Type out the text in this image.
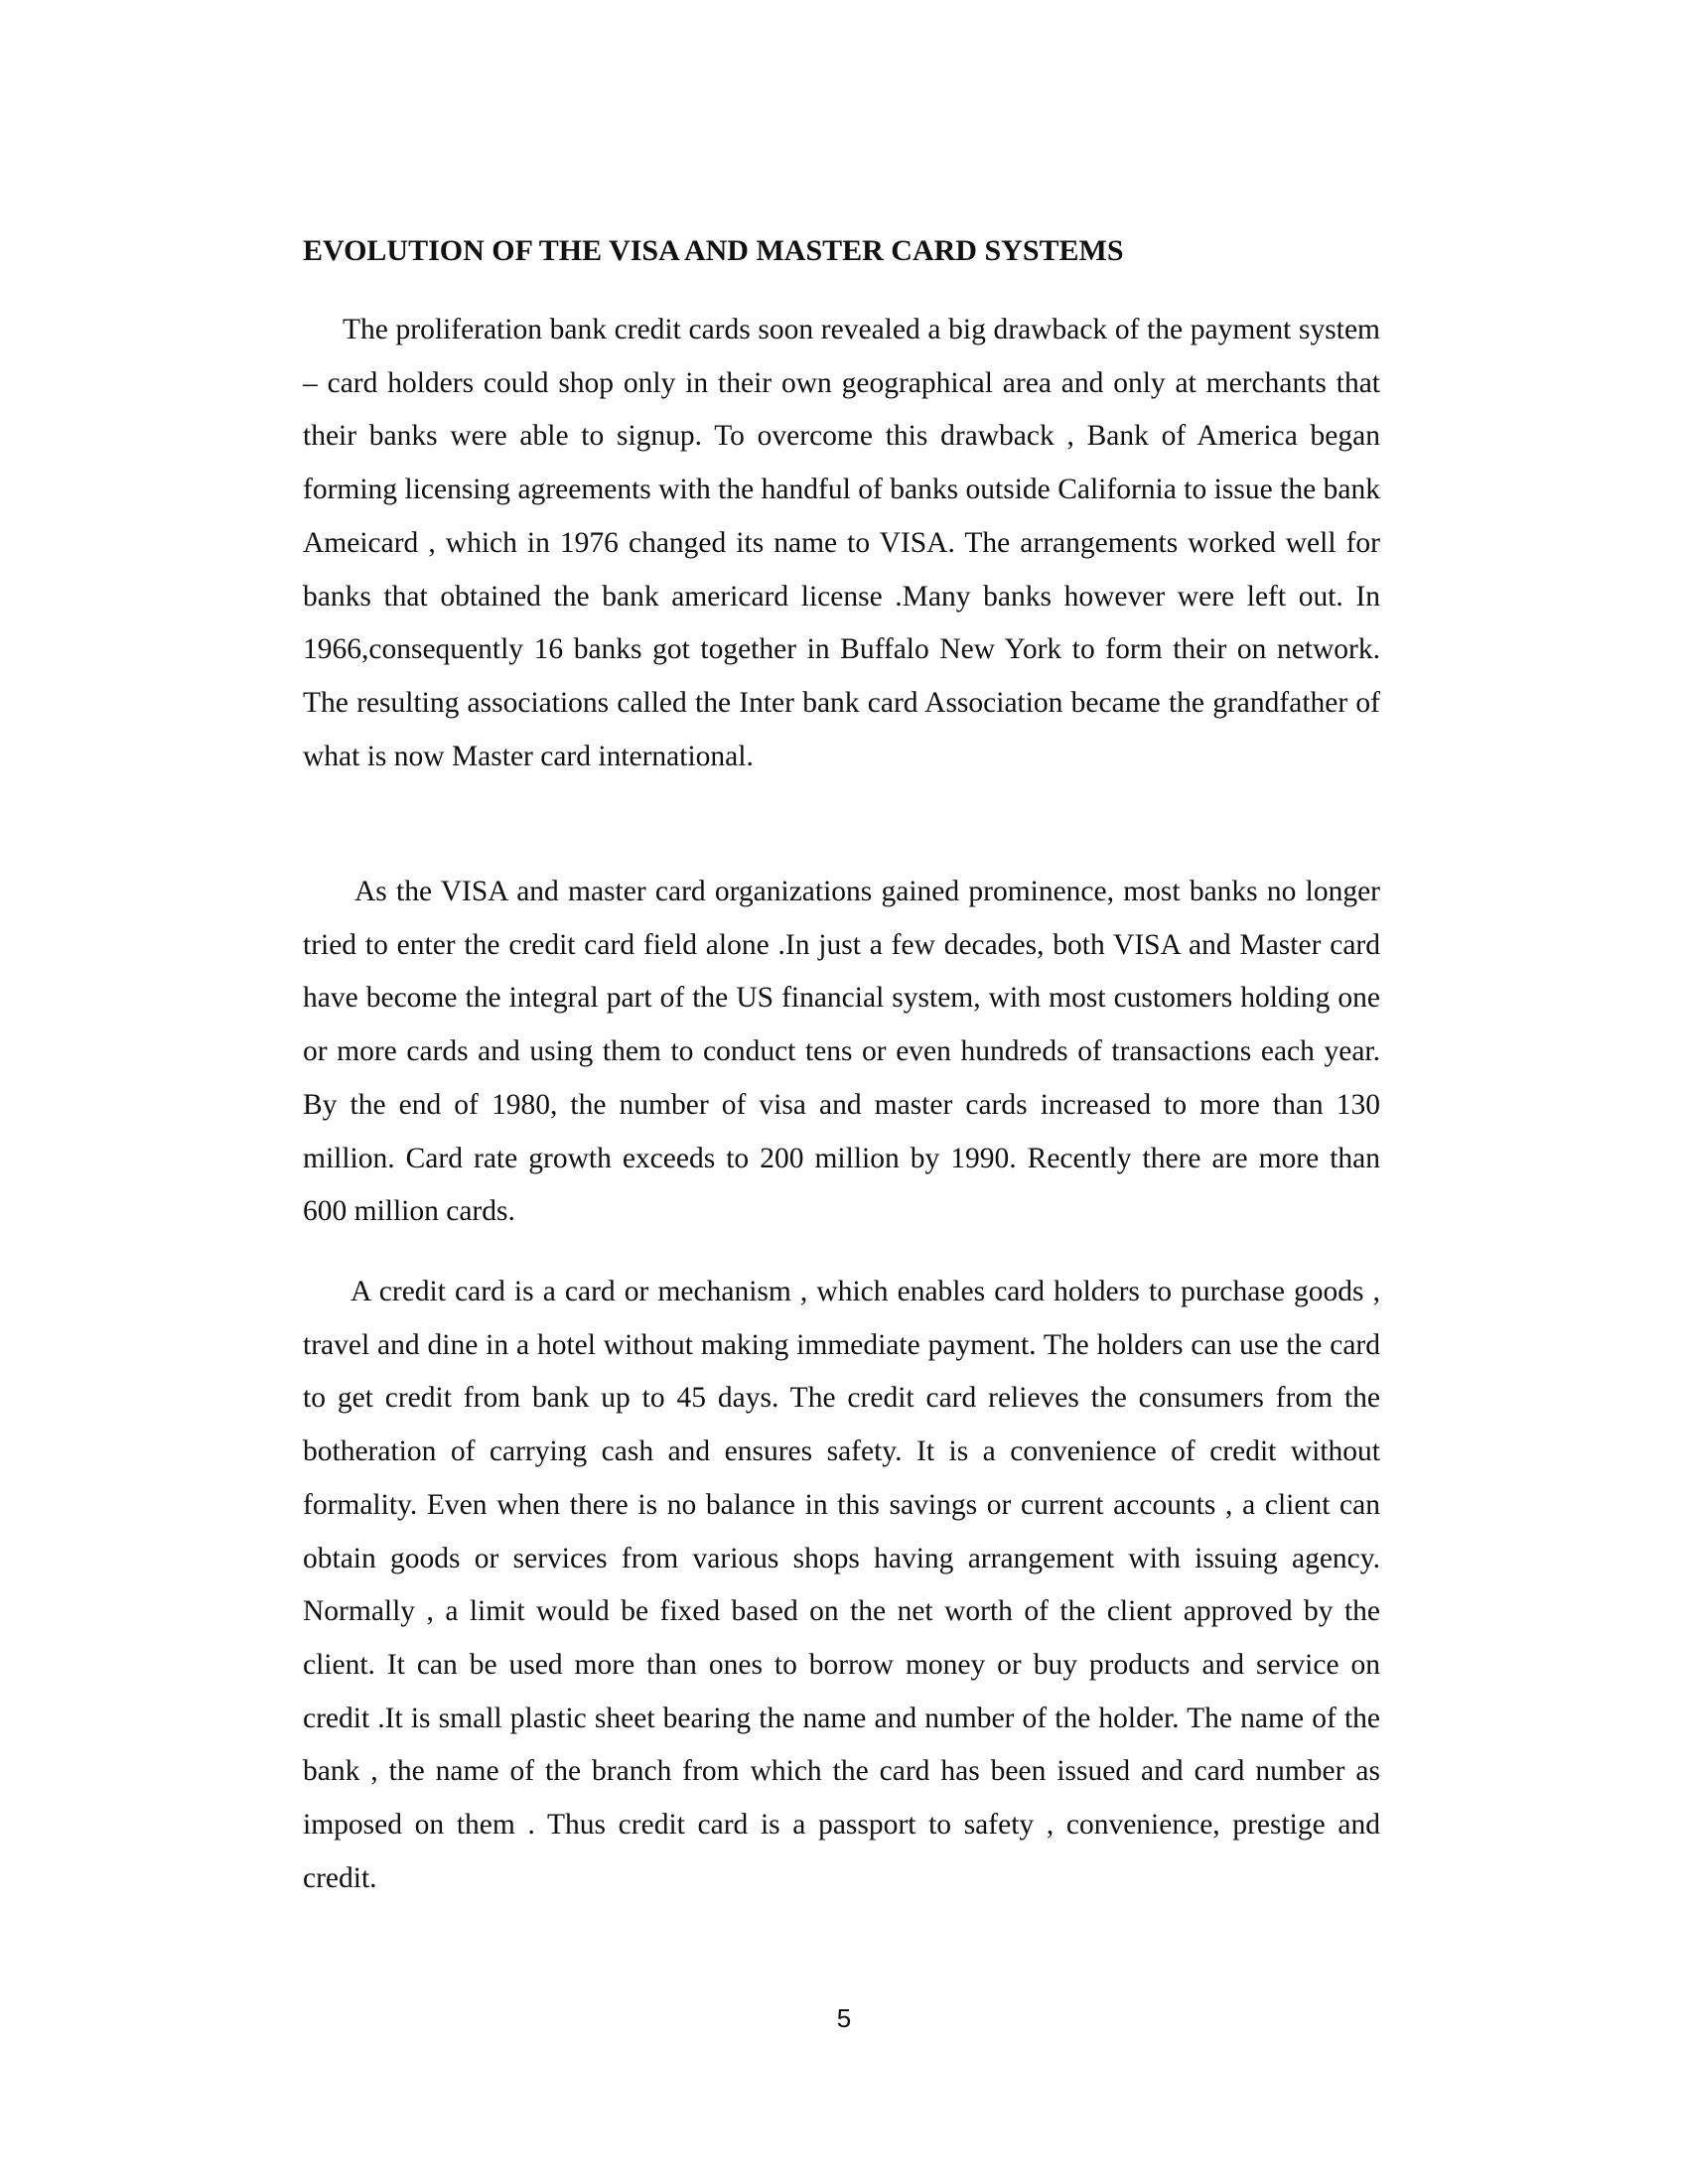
EVOLUTION OF THE VISA AND MASTER CARD SYSTEMS

The proliferation bank credit cards soon revealed a big drawback of the payment system – card holders could shop only in their own geographical area and only at merchants that their banks were able to signup. To overcome this drawback , Bank of America began forming licensing agreements with the handful of banks outside California to issue the bank Ameicard , which in 1976 changed its name to VISA. The arrangements worked well for banks that obtained the bank americard license .Many banks however were left out. In 1966,consequently 16 banks got together in Buffalo New York to form their on network. The resulting associations called the Inter bank card Association became the grandfather of what is now Master card international.

As the VISA and master card organizations gained prominence, most banks no longer tried to enter the credit card field alone .In just a few decades, both VISA and Master card have become the integral part of the US financial system, with most customers holding one or more cards and using them to conduct tens or even hundreds of transactions each year. By the end of 1980, the number of visa and master cards increased to more than 130 million. Card rate growth exceeds to 200 million by 1990. Recently there are more than 600 million cards.

A credit card is a card or mechanism , which enables card holders to purchase goods , travel and dine in a hotel without making immediate payment. The holders can use the card to get credit from bank up to 45 days. The credit card relieves the consumers from the botheration of carrying cash and ensures safety. It is a convenience of credit without formality. Even when there is no balance in this savings or current accounts , a client can obtain goods or services from various shops having arrangement with issuing agency. Normally , a limit would be fixed based on the net worth of the client approved by the client. It can be used more than ones to borrow money or buy products and service on credit .It is small plastic sheet bearing the name and number of the holder. The name of the bank , the name of the branch from which the card has been issued and card number as imposed on them . Thus credit card is a passport to safety , convenience, prestige and credit.

5
